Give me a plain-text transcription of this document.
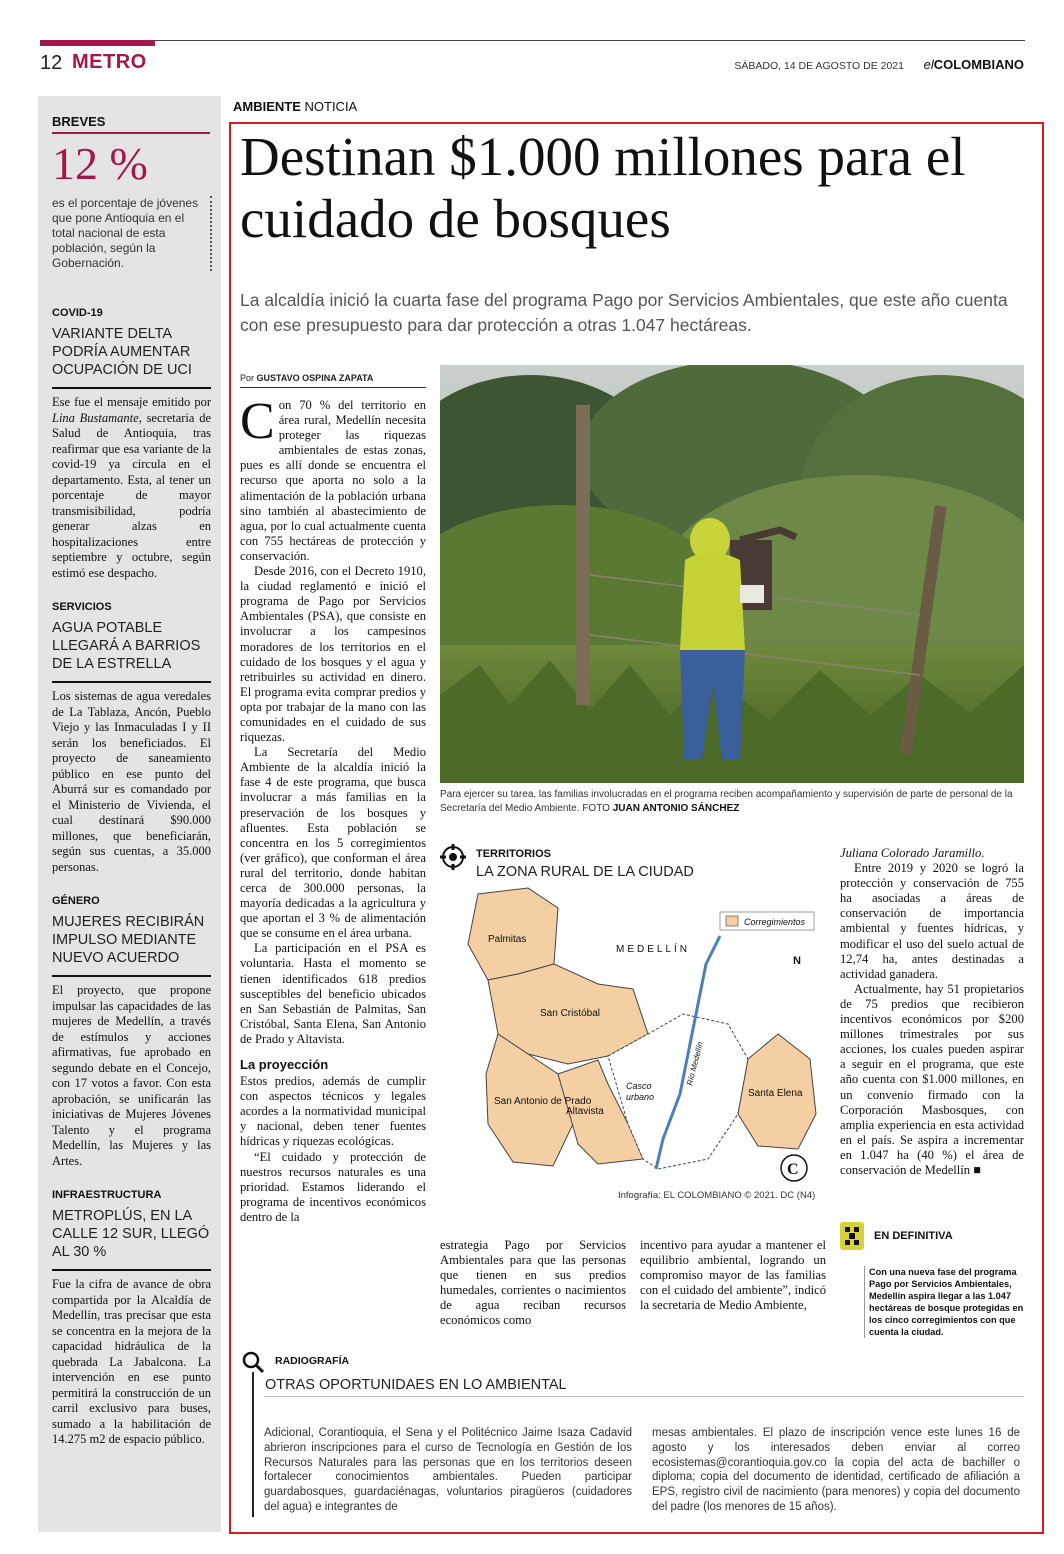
12 METRO	SÁBADO, 14 DE AGOSTO DE 2021 elCOLOMBIANO
BREVES
12 %
es el porcentaje de jóvenes que pone Antioquia en el total nacional de esta población, según la Gobernación.
COVID-19
VARIANTE DELTA PODRÍA AUMENTAR OCUPACIÓN DE UCI
Ese fue el mensaje emitido por Lina Bustamante, secretaria de Salud de Antioquia, tras reafirmar que esa variante de la covid-19 ya circula en el departamento. Esta, al tener un porcentaje de mayor transmisibilidad, podría generar alzas en hospitalizaciones entre septiembre y octubre, según estimó ese despacho.
SERVICIOS
AGUA POTABLE LLEGARÁ A BARRIOS DE LA ESTRELLA
Los sistemas de agua veredales de La Tablaza, Ancón, Pueblo Viejo y las Inmaculadas I y II serán los beneficiados. El proyecto de saneamiento público en ese punto del Aburrá sur es comandado por el Ministerio de Vivienda, el cual destinará $90.000 millones, que beneficiarán, según sus cuentas, a 35.000 personas.
GÉNERO
MUJERES RECIBIRÁN IMPULSO MEDIANTE NUEVO ACUERDO
El proyecto, que propone impulsar las capacidades de las mujeres de Medellín, a través de estímulos y acciones afirmativas, fue aprobado en segundo debate en el Concejo, con 17 votos a favor. Con esta aprobación, se unificarán las iniciativas de Mujeres Jóvenes Talento y el programa Medellín, las Mujeres y las Artes.
INFRAESTRUCTURA
METROPLÚS, EN LA CALLE 12 SUR, LLEGÓ AL 30 %
Fue la cifra de avance de obra compartida por la Alcaldía de Medellín, tras precisar que esta se concentra en la mejora de la capacidad hidráulica de la quebrada La Jabalcona. La intervención en ese punto permitirá la construcción de un carril exclusivo para buses, sumado a la habilitación de 14.275 m2 de espacio público.
AMBIENTE NOTICIA
Destinan $1.000 millones para el cuidado de bosques
La alcaldía inició la cuarta fase del programa Pago por Servicios Ambientales, que este año cuenta con ese presupuesto para dar protección a otras 1.047 hectáreas.
Por GUSTAVO OSPINA ZAPATA

Con 70 % del territorio en área rural, Medellín necesita proteger las riquezas ambientales de estas zonas, pues es allí donde se encuentra el recurso que aporta no solo a la alimentación de la población urbana sino también al abastecimiento de agua, por lo cual actualmente cuenta con 755 hectáreas de protección y conservación.

Desde 2016, con el Decreto 1910, la ciudad reglamentó e inició el programa de Pago por Servicios Ambientales (PSA), que consiste en involucrar a los campesinos moradores de los territorios en el cuidado de los bosques y el agua y retribuirles su actividad en dinero. El programa evita comprar predios y opta por trabajar de la mano con las comunidades en el cuidado de sus riquezas.

La Secretaría del Medio Ambiente de la alcaldía inició la fase 4 de este programa, que busca involucrar a más familias en la preservación de los bosques y afluentes. Esta población se concentra en los 5 corregimientos (ver gráfico), que conforman el área rural del territorio, donde habitan cerca de 300.000 personas, la mayoría dedicadas a la agricultura y que aportan el 3 % de alimentación que se consume en el área urbana.

La participación en el PSA es voluntaria. Hasta el momento se tienen identificados 618 predios susceptibles del beneficio ubicados en San Sebastián de Palmitas, San Cristóbal, Santa Elena, San Antonio de Prado y Altavista.

La proyección

Estos predios, además de cumplir con aspectos técnicos y legales acordes a la normatividad municipal y nacional, deben tener fuentes hídricas y riquezas ecológicas.

“El cuidado y protección de nuestros recursos naturales es una prioridad. Estamos liderando el programa de incentivos económicos dentro de la

Para ejercer su tarea, las familias involucradas en el programa reciben acompañamiento y supervisión de parte de personal de la Secretaría del Medio Ambiente. FOTO JUAN ANTONIO SÁNCHEZ
TERRITORIOS
LA ZONA RURAL DE LA CIUDAD
Corregimientos
MEDELLÍN
N
Palmitas
San Cristóbal
San Antonio de Prado
Altavista
Santa Elena
Casco
urbano
Río Medellín
C
Infografía: EL COLOMBIANO © 2021. DC (N4)
estrategia Pago por Servicios Ambientales para que las personas que tienen en sus predios humedales, corrientes o nacimientos de agua reciban recursos económicos como
incentivo para ayudar a mantener el equilibrio ambiental, logrando un compromiso mayor de las familias con el cuidado del ambiente”, indicó la secretaria de Medio Ambiente,

Juliana Colorado Jaramillo.

Entre 2019 y 2020 se logró la protección y conservación de 755 ha asociadas a áreas de conservación de importancia ambiental y fuentes hídricas, y modificar el uso del suelo actual de 12,74 ha, antes destinadas a actividad ganadera.

Actualmente, hay 51 propietarios de 75 predios que recibieron incentivos económicos por $200 millones trimestrales por sus acciones, los cuales pueden aspirar a seguir en el programa, que este año cuenta con $1.000 millones, en un convenio firmado con la Corporación Masbosques, con amplia experiencia en esta actividad en el país. Se aspira a incrementar en 1.047 ha (40 %) el área de conservación de Medellín ■

EN DEFINITIVA
Con una nueva fase del programa Pago por Servicios Ambientales, Medellín aspira llegar a las 1.047 hectáreas de bosque protegidas en los cinco corregimientos con que cuenta la ciudad.
RADIOGRAFÍA
OTRAS OPORTUNIDAES EN LO AMBIENTAL
Adicional, Corantioquia, el Sena y el Politécnico Jaime Isaza Cadavid abrieron inscripciones para el curso de Tecnología en Gestión de los Recursos Naturales para las personas que en los territorios deseen fortalecer conocimientos ambientales. Pueden participar guardabosques, guardaciénagas, voluntarios piragüeros (cuidadores del agua) e integrantes de
mesas ambientales. El plazo de inscripción vence este lunes 16 de agosto y los interesados deben enviar al correo ecosistemas@corantioquia.gov.co la copia del acta de bachiller o diploma; copia del documento de identidad, certificado de afiliación a EPS, registro civil de nacimiento (para menores) y copia del documento del padre (los menores de 15 años).
